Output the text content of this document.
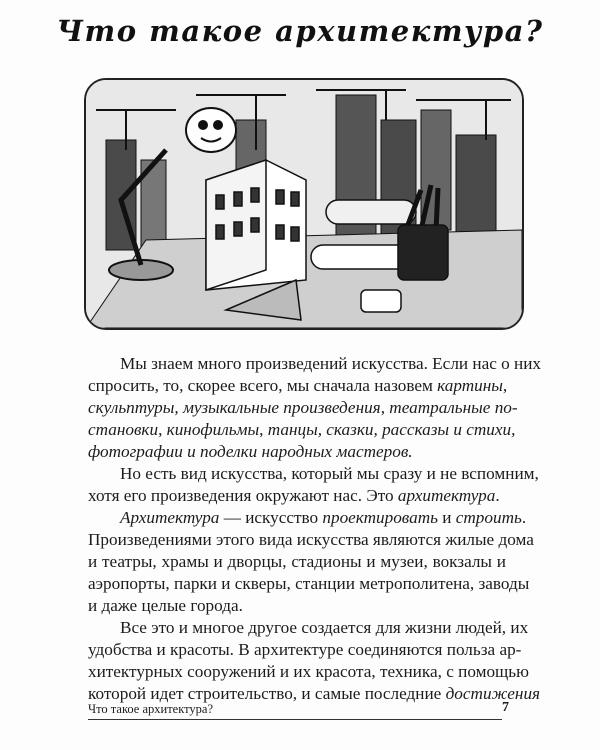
Что такое архитектура?
Мы знаем много произведений искусства. Если нас о них
спросить, то, скорее всего, мы сначала назовем картины,
скульптуры, музыкальные произведения, театральные по-
становки, кинофильмы, танцы, сказки, рассказы и стихи,
фотографии и поделки народных мастеров.
Но есть вид искусства, который мы сразу и не вспомним,
хотя его произведения окружают нас. Это архитектура.
Архитектура — искусство проектировать и строить.
Произведениями этого вида искусства являются жилые дома
и театры, храмы и дворцы, стадионы и музеи, вокзалы и
аэропорты, парки и скверы, станции метрополитена, заводы
и даже целые города.
Все это и многое другое создается для жизни людей, их
удобства и красоты. В архитектуре соединяются польза ар-
хитектурных сооружений и их красота, техника, с помощью
которой идет строительство, и самые последние достижения
Что такое архитектура?	7
